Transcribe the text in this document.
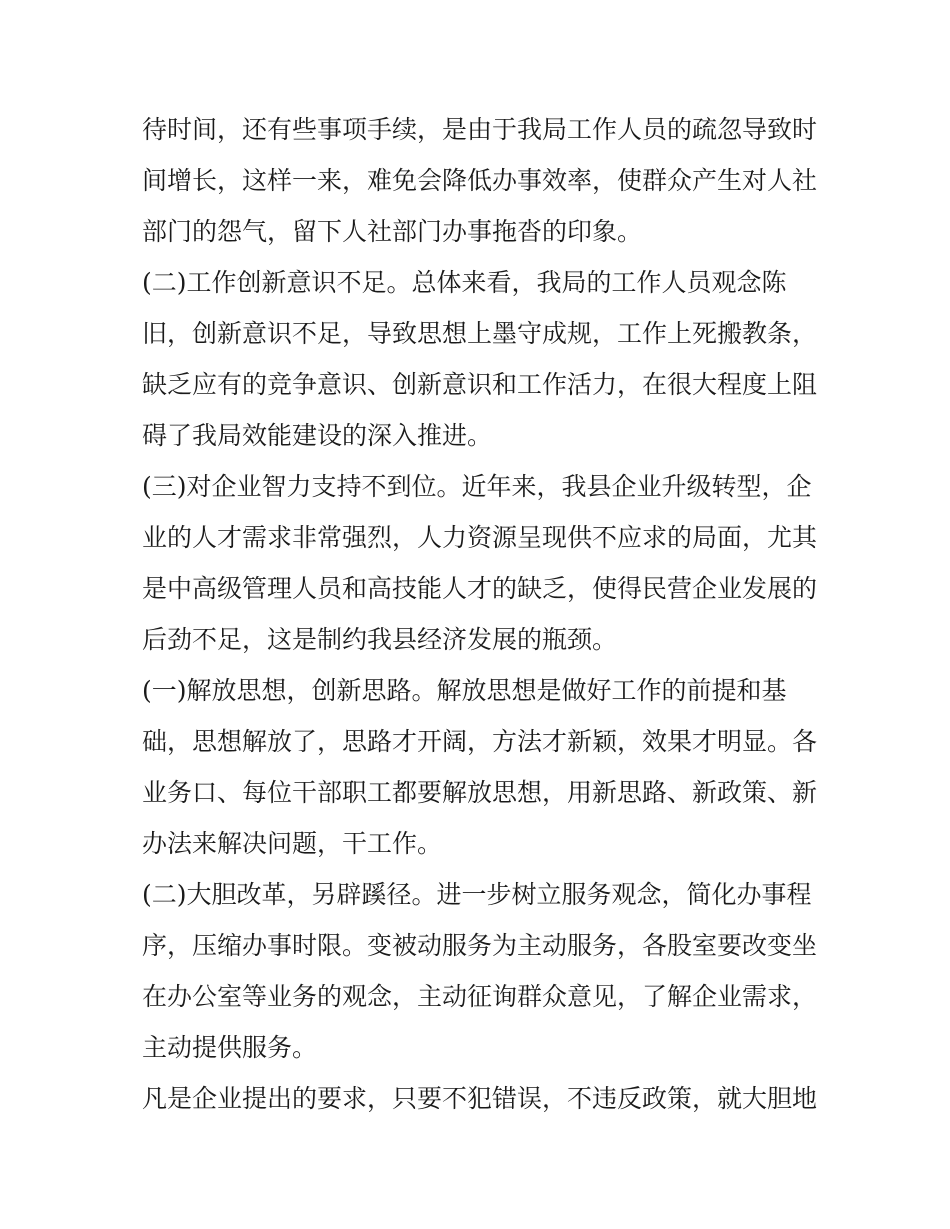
待时间，还有些事项手续，是由于我局工作人员的疏忽导致时
间增长，这样一来，难免会降低办事效率，使群众产生对人社
部门的怨气，留下人社部门办事拖沓的印象。
(二)工作创新意识不足。总体来看，我局的工作人员观念陈
旧，创新意识不足，导致思想上墨守成规，工作上死搬教条，
缺乏应有的竞争意识、创新意识和工作活力，在很大程度上阻
碍了我局效能建设的深入推进。
(三)对企业智力支持不到位。近年来，我县企业升级转型，企
业的人才需求非常强烈，人力资源呈现供不应求的局面，尤其
是中高级管理人员和高技能人才的缺乏，使得民营企业发展的
后劲不足，这是制约我县经济发展的瓶颈。
(一)解放思想，创新思路。解放思想是做好工作的前提和基
础，思想解放了，思路才开阔，方法才新颖，效果才明显。各
业务口、每位干部职工都要解放思想，用新思路、新政策、新
办法来解决问题，干工作。
(二)大胆改革，另辟蹊径。进一步树立服务观念，简化办事程
序，压缩办事时限。变被动服务为主动服务，各股室要改变坐
在办公室等业务的观念，主动征询群众意见，了解企业需求，
主动提供服务。
凡是企业提出的要求，只要不犯错误，不违反政策，就大胆地
